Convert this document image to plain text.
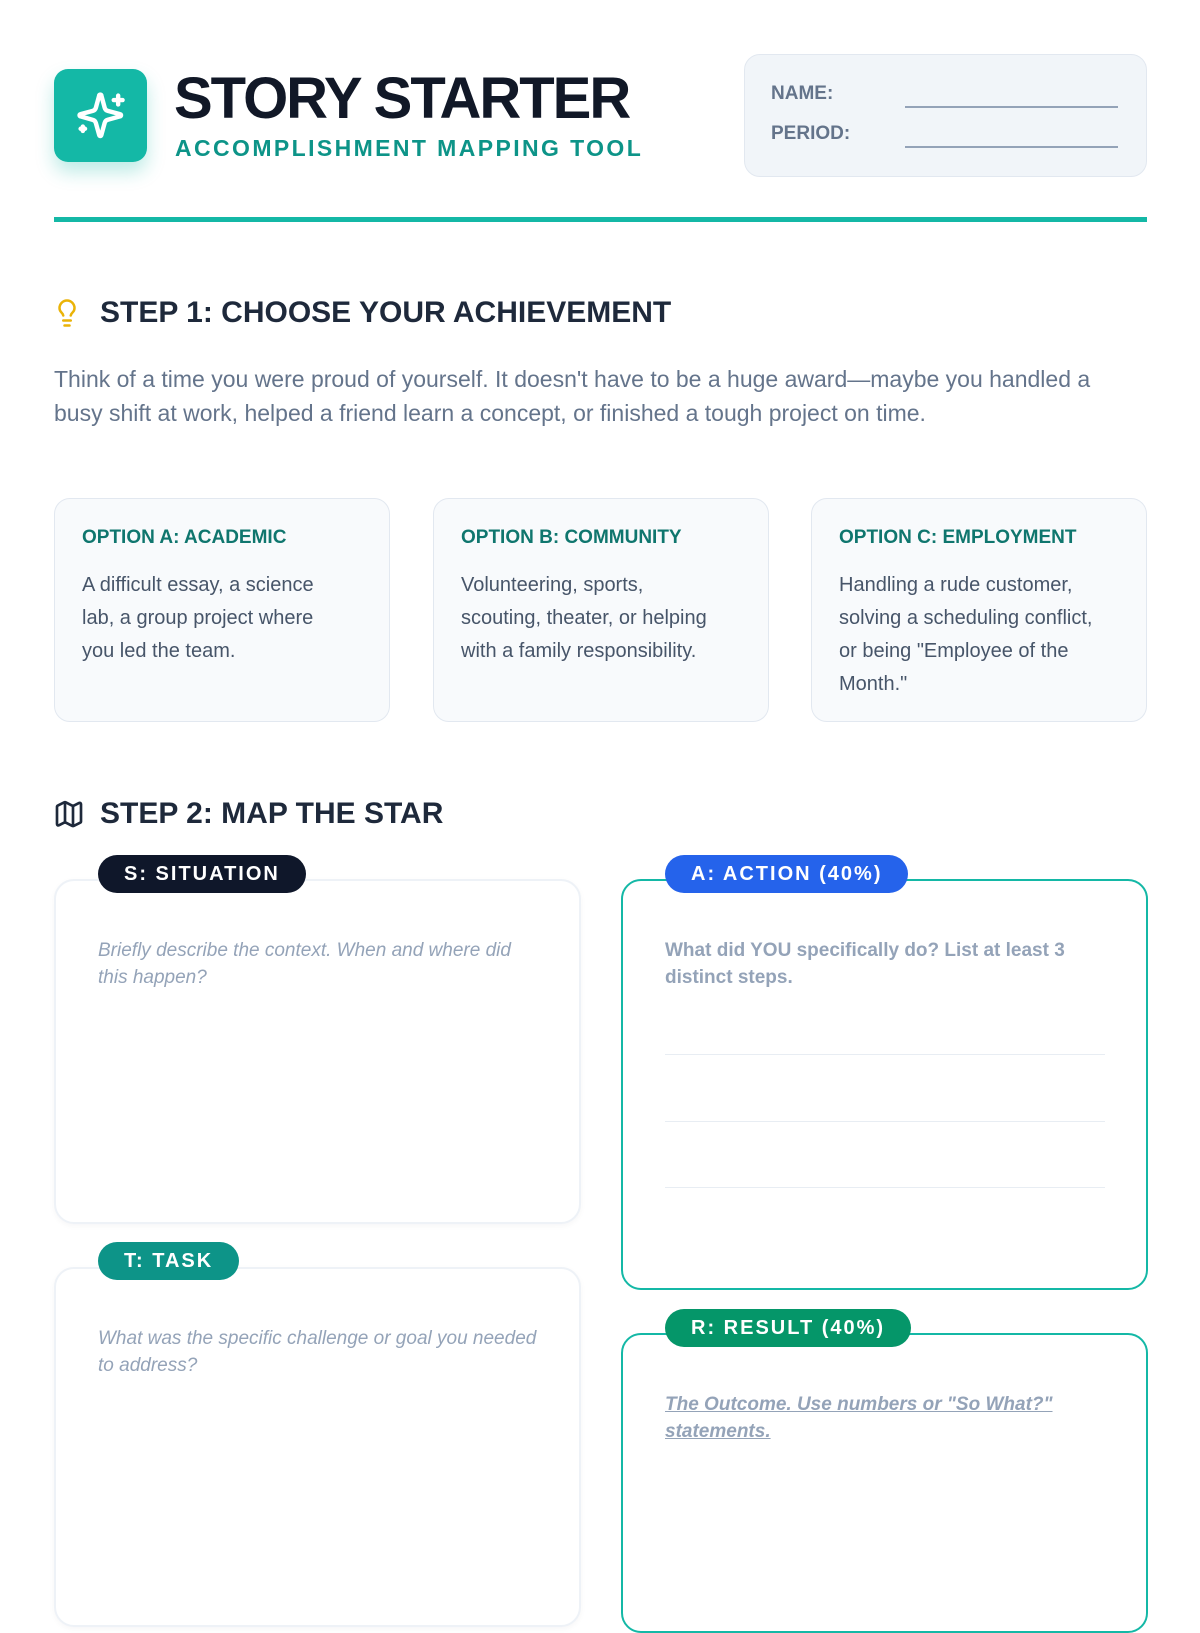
STORY STARTER
ACCOMPLISHMENT MAPPING TOOL
NAME:
PERIOD:
STEP 1: CHOOSE YOUR ACHIEVEMENT

Think of a time you were proud of yourself. It doesn't have to be a huge award—maybe you handled a busy shift at work, helped a friend learn a concept, or finished a tough project on time.

OPTION A: ACADEMIC
A difficult essay, a science lab, a group project where you led the team.
OPTION B: COMMUNITY
Volunteering, sports, scouting, theater, or helping with a family responsibility.
OPTION C: EMPLOYMENT
Handling a rude customer, solving a scheduling conflict, or being "Employee of the Month."
STEP 2: MAP THE STAR

Briefly describe the context. When and where did this happen?

S: SITUATION

What was the specific challenge or goal you needed to address?

T: TASK

What did YOU specifically do? List at least 3 distinct steps.

A: ACTION (40%)

The Outcome. Use numbers or "So What?" statements.

R: RESULT (40%)
